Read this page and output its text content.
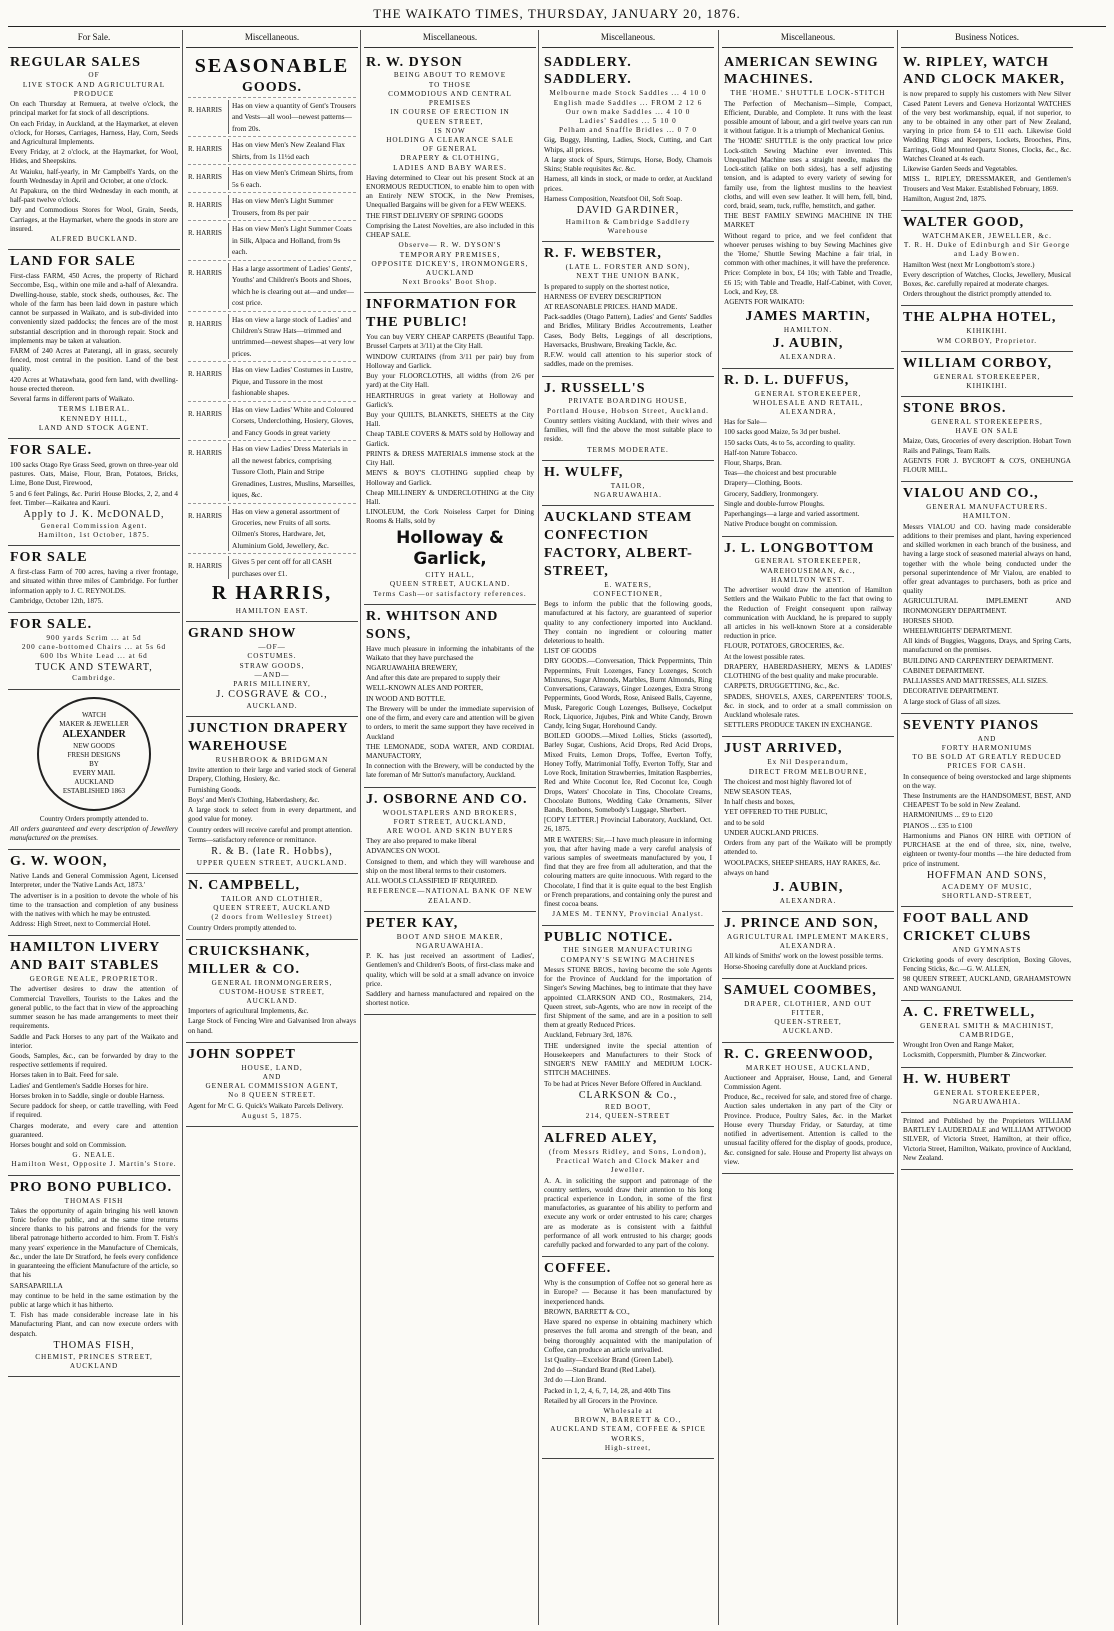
THE WAIKATO TIMES, THURSDAY, JANUARY 20, 1876.
For Sale.
REGULAR SALES
OF
LIVE STOCK AND AGRICULTURAL PRODUCE

On each Thursday at Remuera, at twelve o'clock, the principal market for fat stock of all descriptions.

On each Friday, in Auckland, at the Haymarket, at eleven o'clock, for Horses, Carriages, Harness, Hay, Corn, Seeds and Agricultural Implements.

Every Friday, at 2 o'clock, at the Haymarket, for Wool, Hides, and Sheepskins.

At Waiuku, half-yearly, in Mr Campbell's Yards, on the fourth Wednesday in April and October, at one o'clock.

At Papakura, on the third Wednesday in each month, at half-past twelve o'clock.

Dry and Commodious Stores for Wool, Grain, Seeds, Carriages, at the Haymarket, where the goods in store are insured.

ALFRED BUCKLAND.
LAND FOR SALE

First-class FARM, 450 Acres, the property of Richard Seccombe, Esq., within one mile and a-half of Alexandra. Dwelling-house, stable, stock sheds, outhouses, &c. The whole of the farm has been laid down in pasture which cannot be surpassed in Waikato, and is sub-divided into conveniently sized paddocks; the fences are of the most substantial description and in thorough repair. Stock and implements may be taken at valuation.

FARM of 240 Acres at Paterangi, all in grass, securely fenced, most central in the position. Land of the best quality.

420 Acres at Whatawhata, good fern land, with dwelling-house erected thereon.

Several farms in different parts of Waikato.

TERMS LIBERAL.
KENNEDY HILL,
LAND AND STOCK AGENT.
FOR SALE.

100 sacks Otago Rye Grass Seed, grown on three-year old pastures. Oats, Maise, Flour, Bran, Potatoes, Bricks, Lime, Bone Dust, Firewood,

5 and 6 feet Palings, &c. Puriri House Blocks, 2, 2, and 4 feet. Timber—Kaikatea and Kauri.

Apply to J. K. McDONALD,
General Commission Agent.
Hamilton, 1st October, 1875.
FOR SALE

A first-class Farm of 700 acres, having a river frontage, and situated within three miles of Cambridge. For further information apply to J. C. REYNOLDS.

Cambridge, October 12th, 1875.

FOR SALE.
900 yards Scrim ... at 5d
200 cane-bottomed Chairs ... at 5s 6d
600 lbs White Lead ... at 6d
TUCK AND STEWART,
Cambridge.
WATCH
MAKER & JEWELLER
ALEXANDER
NEW GOODS
FRESH DESIGNS
BY
EVERY MAIL
AUCKLAND
ESTABLISHED 1863
Country Orders promptly attended to.

All orders guaranteed and every description of Jewellery manufactured on the premises.

G. W. WOON,

Native Lands and General Commission Agent, Licensed Interpreter, under the 'Native Lands Act, 1873.'

The advertiser is in a position to devote the whole of his time to the transaction and completion of any business with the natives with which he may be entrusted.

Address: High Street, next to Commercial Hotel.

HAMILTON LIVERY AND BAIT STABLES
GEORGE NEALE, PROPRIETOR.

The advertiser desires to draw the attention of Commercial Travellers, Tourists to the Lakes and the general public, to the fact that in view of the approaching summer season he has made arrangements to meet their requirements.

Saddle and Pack Horses to any part of the Waikato and interior.

Goods, Samples, &c., can be forwarded by dray to the respective settlements if required.

Horses taken in to Bait. Feed for sale.

Ladies' and Gentlemen's Saddle Horses for hire.

Horses broken in to Saddle, single or double Harness.

Secure paddock for sheep, or cattle travelling, with Feed if required.

Charges moderate, and every care and attention guaranteed.

Horses bought and sold on Commission.

G. NEALE.
Hamilton West, Opposite J. Martin's Store.
PRO BONO PUBLICO.
THOMAS FISH

Takes the opportunity of again bringing his well known Tonic before the public, and at the same time returns sincere thanks to his patrons and friends for the very liberal patronage hitherto accorded to him. From T. Fish's many years' experience in the Manufacture of Chemicals, &c., under the late Dr Stratford, he feels every confidence in guaranteeing the efficient Manufacture of the article, so that his

SARSAPARILLA

may continue to be held in the same estimation by the public at large which it has hitherto.

T. Fish has made considerable increase late in his Manufacturing Plant, and can now execute orders with despatch.

THOMAS FISH,
CHEMIST, PRINCES STREET, AUCKLAND
Miscellaneous.
SEASONABLE
GOODS.
R. HARRIS	Has on view a quantity of Gent's Trousers and Vests—all wool—newest patterns—from 20s.
R. HARRIS	Has on view Men's New Zealand Flax Shirts, from 1s 11½d each
R. HARRIS	Has on view Men's Crimean Shirts, from 5s 6 each.
R. HARRIS	Has on view Men's Light Summer Trousers, from 8s per pair
R. HARRIS	Has on view Men's Light Summer Coats in Silk, Alpaca and Holland, from 9s each.
R. HARRIS	Has a large assortment of Ladies' Gents', Youths' and Children's Boots and Shoes, which he is clearing out at—and under—cost price.
R. HARRIS	Has on view a large stock of Ladies' and Children's Straw Hats—trimmed and untrimmed—newest shapes—at very low prices.
R. HARRIS	Has on view Ladies' Costumes in Lustre, Pique, and Tussore in the most fashionable shapes.
R. HARRIS	Has on view Ladies' White and Coloured Corsets, Underclothing, Hosiery, Gloves, and Fancy Goods in great variety
R. HARRIS	Has on view Ladies' Dress Materials in all the newest fabrics, comprising Tussore Cloth, Plain and Stripe Grenadines, Lustres, Muslins, Marseilles, iques, &c.
R. HARRIS	Has on view a general assortment of Groceries, new Fruits of all sorts. Oilmen's Stores, Hardware, Jet, Aluminium Gold, Jewellery, &c.
R. HARRIS	Gives 5 per cent off for all CASH purchases over £1.
R HARRIS,
HAMILTON EAST.
GRAND SHOW
—OF—
COSTUMES.
STRAW GOODS,
—AND—
PARIS MILLINERY,
J. COSGRAVE & CO.,
AUCKLAND.
JUNCTION DRAPERY WAREHOUSE
RUSHBROOK & BRIDGMAN

Invite attention to their large and varied stock of General Drapery, Clothing, Hosiery, &c.

Furnishing Goods.

Boys' and Men's Clothing, Haberdashery, &c.

A large stock to select from in every department, and good value for money.

Country orders will receive careful and prompt attention.

Terms—satisfactory reference or remittance.

R. & B. (late R. Hobbs),
UPPER QUEEN STREET, AUCKLAND.
N. CAMPBELL,
TAILOR AND CLOTHIER,
QUEEN STREET, AUCKLAND
(2 doors from Wellesley Street)

Country Orders promptly attended to.

CRUICKSHANK, MILLER & CO.
GENERAL IRONMONGERERS,
CUSTOM-HOUSE STREET,
AUCKLAND.

Importers of agricultural Implements, &c.

Large Stock of Fencing Wire and Galvanised Iron always on hand.

JOHN SOPPET
HOUSE, LAND,
AND
GENERAL COMMISSION AGENT,
No 8 QUEEN STREET.

Agent for Mr C. G. Quick's Waikato Parcels Delivery.

August 5, 1875.
Miscellaneous.
R. W. DYSON
BEING ABOUT TO REMOVE
TO THOSE
COMMODIOUS AND CENTRAL
PREMISES
IN COURSE OF ERECTION IN
QUEEN STREET,
IS NOW
HOLDING A CLEARANCE SALE
OF GENERAL
DRAPERY & CLOTHING,
LADIES AND BABY WARES.

Having determined to Clear out his present Stock at an ENORMOUS REDUCTION, to enable him to open with an Entirely NEW STOCK, in the New Premises, Unequalled Bargains will be given for a FEW WEEKS.

THE FIRST DELIVERY OF SPRING GOODS

Comprising the Latest Novelties, are also included in this CHEAP SALE.

Observe— R. W. DYSON'S
TEMPORARY PREMISES,
OPPOSITE DICKEY'S, IRONMONGERS,
AUCKLAND
Next Brooks' Boot Shop.
INFORMATION FOR THE PUBLIC!

You can buy VERY CHEAP CARPETS (Beautiful Tapp. Brussel Carpets at 3/11) at the City Hall.

WINDOW CURTAINS (from 3/11 per pair) buy from Holloway and Garlick.

Buy your FLOORCLOTHS, all widths (from 2/6 per yard) at the City Hall.

HEARTHRUGS in great variety at Holloway and Garlick's.

Buy your QUILTS, BLANKETS, SHEETS at the City Hall.

Cheap TABLE COVERS & MATS sold by Holloway and Garlick.

PRINTS & DRESS MATERIALS immense stock at the City Hall.

MEN'S & BOY'S CLOTHING supplied cheap by Holloway and Garlick.

Cheap MILLINERY & UNDERCLOTHING at the City Hall.

LINOLEUM, the Cork Noiseless Carpet for Dining Rooms & Halls, sold by

Holloway & Garlick,
CITY HALL,
QUEEN STREET, AUCKLAND.
Terms Cash—or satisfactory references.
R. WHITSON AND SONS,

Have much pleasure in informing the inhabitants of the Waikato that they have purchased the

NGARUAWAHIA BREWERY,

And after this date are prepared to supply their

WELL-KNOWN ALES AND PORTER,

IN WOOD AND BOTTLE.

The Brewery will be under the immediate supervision of one of the firm, and every care and attention will be given to orders, to merit the same support they have received in Auckland

THE LEMONADE, SODA WATER, AND CORDIAL MANUFACTORY,

In connection with the Brewery, will be conducted by the late foreman of Mr Sutton's manufactory, Auckland.

J. OSBORNE AND CO.
WOOLSTAPLERS AND BROKERS,
FORT STREET, AUCKLAND,
ARE WOOL AND SKIN BUYERS

They are also prepared to make liberal

ADVANCES ON WOOL

Consigned to them, and which they will warehouse and ship on the most liberal terms to their customers.

ALL WOOLS CLASSIFIED IF REQUIRED.

REFERENCE—NATIONAL BANK OF NEW ZEALAND.
PETER KAY,
BOOT AND SHOE MAKER,
NGARUAWAHIA.

P. K. has just received an assortment of Ladies', Gentlemen's and Children's Boots, of first-class make and quality, which will be sold at a small advance on invoice price.

Saddlery and harness manufactured and repaired on the shortest notice.

Miscellaneous.
SADDLERY. SADDLERY.
Melbourne made Stock Saddles ... 4 10 0
English made Saddles ... FROM 2 12 6
Our own make Saddles ... 4 10 0
Ladies' Saddles ... 5 10 0
Pelham and Snaffle Bridles ... 0 7 0

Gig, Buggy, Hunting, Ladies, Stock, Cutting, and Cart Whips, all prices.

A large stock of Spurs, Stirrups, Horse, Body, Chamois Skins; Stable requisites &c. &c.

Harness, all kinds in stock, or made to order, at Auckland prices.

Harness Composition, Neatsfoot Oil, Soft Soap.

DAVID GARDINER,
Hamilton & Cambridge Saddlery Warehouse
R. F. WEBSTER,
(LATE L. FORSTER AND SON),
NEXT THE UNION BANK,

Is prepared to supply on the shortest notice,

HARNESS OF EVERY DESCRIPTION

AT REASONABLE PRICES. HAND MADE.

Pack-saddles (Otago Pattern), Ladies' and Gents' Saddles and Bridles, Military Bridles Accoutrements, Leather Cases, Body Belts, Leggings of all descriptions, Haversacks, Brushware, Breaking Tackle, &c.

R.F.W. would call attention to his superior stock of saddles, made on the premises.

J. RUSSELL'S
PRIVATE BOARDING HOUSE,
Portland House, Hobson Street, Auckland.

Country settlers visiting Auckland, with their wives and families, will find the above the most suitable place to reside.

TERMS MODERATE.
H. WULFF,
TAILOR,
NGARUAWAHIA.
AUCKLAND STEAM CONFECTION FACTORY, ALBERT-STREET,
E. WATERS,
CONFECTIONER,

Begs to inform the public that the following goods, manufactured at his factory, are guaranteed of superior quality to any confectionery imported into Auckland. They contain no ingredient or colouring matter deleterious to health.

LIST OF GOODS

DRY GOODS.—Conversation, Thick Peppermints, Thin Peppermints, Fruit Lozenges, Fancy Lozenges, Scotch Mixtures, Sugar Almonds, Marbles, Burnt Almonds, Ring Conversations, Caraways, Ginger Lozenges, Extra Strong Peppermints, Good Words, Rose, Aniseed Balls, Cayenne, Musk, Paregoric Cough Lozenges, Bullseye, Cockelput Rock, Liquorice, Jujubes, Pink and White Candy, Brown Candy, Icing Sugar, Horehound Candy.

BOILED GOODS.—Mixed Lollies, Sticks (assorted), Barley Sugar, Cushions, Acid Drops, Red Acid Drops, Mixed Fruits, Lemon Drops, Toffee, Everton Toffy, Honey Toffy, Matrimonial Toffy, Everton Toffy, Star and Love Rock, Imitation Strawberries, Imitation Raspberries, Red and White Coconut Ice, Red Coconut Ice, Cough Drops, Waters' Chocolate in Tins, Chocolate Creams, Chocolate Buttons, Wedding Cake Ornaments, Silver Bands, Bonbons, Somebody's Luggage, Sherbert.

[COPY LETTER.] Provincial Laboratory, Auckland, Oct. 26, 1875.

MR E WATERS: Sir,—I have much pleasure in informing you, that after having made a very careful analysis of various samples of sweetmeats manufactured by you, I find that they are free from all adulteration, and that the colouring matters are quite innocuous. With regard to the Chocolate, I find that it is quite equal to the best English or French preparations, and containing only the purest and finest cocoa beans.

JAMES M. TENNY, Provincial Analyst.
PUBLIC NOTICE.
THE SINGER MANUFACTURING COMPANY'S SEWING MACHINES

Messrs STONE BROS., having become the sole Agents for the Province of Auckland for the importation of Singer's Sewing Machines, beg to intimate that they have appointed CLARKSON AND CO., Rostmakers, 214, Queen street, sub-Agents, who are now in receipt of the first Shipment of the same, and are in a position to sell them at greatly Reduced Prices.

Auckland, February 3rd, 1876.

THE undersigned invite the special attention of Housekeepers and Manufacturers to their Stock of SINGER'S NEW FAMILY and MEDIUM LOCK-STITCH MACHINES.

To be had at Prices Never Before Offered in Auckland.

CLARKSON & Co.,
RED BOOT,
214, QUEEN-STREET
ALFRED ALEY,
(from Messrs Ridley, and Sons, London),
Practical Watch and Clock Maker and Jeweller.

A. A. in soliciting the support and patronage of the country settlers, would draw their attention to his long practical experience in London, in some of the first manufactories, as guarantee of his ability to perform and execute any work or order entrusted to his care; charges are as moderate as is consistent with a faithful performance of all work entrusted to his charge; goods carefully packed and forwarded to any part of the colony.

COFFEE.

Why is the consumption of Coffee not so general here as in Europe? — Because it has been manufactured by inexperienced hands.

BROWN, BARRETT & CO.,

Have spared no expense in obtaining machinery which preserves the full aroma and strength of the bean, and being thoroughly acquainted with the manipulation of Coffee, can produce an article unrivalled.

1st Quality—Excelsior Brand (Green Label).

2nd do —Standard Brand (Red Label).

3rd do —Lion Brand.

Packed in 1, 2, 4, 6, 7, 14, 28, and 40lb Tins

Retailed by all Grocers in the Province.

Wholesale at
BROWN, BARRETT & CO.,
AUCKLAND STEAM, COFFEE & SPICE WORKS,
High-street,
Miscellaneous.
AMERICAN SEWING MACHINES.
THE 'HOME.' SHUTTLE LOCK-STITCH

The Perfection of Mechanism—Simple, Compact, Efficient, Durable, and Complete. It runs with the least possible amount of labour, and a girl twelve years can run it without fatigue. It is a triumph of Mechanical Genius.

The 'HOME' SHUTTLE is the only practical low price Lock-stitch Sewing Machine ever invented. This Unequalled Machine uses a straight needle, makes the Lock-stitch (alike on both sides), has a self adjusting tension, and is adapted to every variety of sewing for family use, from the lightest muslins to the heaviest cloths, and will even sew leather. It will hem, fell, bind, cord, braid, seam, tuck, ruffle, hemstitch, and gather.

THE BEST FAMILY SEWING MACHINE IN THE MARKET

Without regard to price, and we feel confident that whoever peruses wishing to buy Sewing Machines give the 'Home,' Shuttle Sewing Machine a fair trial, in common with other machines, it will have the preference.

Price: Complete in box, £4 10s; with Table and Treadle, £6 15; with Table and Treadle, Half-Cabinet, with Cover, Lock, and Key, £8.

AGENTS FOR WAIKATO:

JAMES MARTIN,
HAMILTON.
J. AUBIN,
ALEXANDRA.
R. D. L. DUFFUS,
GENERAL STOREKEEPER,
WHOLESALE AND RETAIL,
ALEXANDRA,

Has for Sale—

100 sacks good Maize, 5s 3d per bushel.

150 sacks Oats, 4s to 5s, according to quality.

Half-ton Nature Tobacco.

Flour, Sharps, Bran.

Teas—the choicest and best procurable

Drapery—Clothing, Boots.

Grocery, Saddlery, Ironmongery.

Single and double-furrow Ploughs.

Paperhangings—a large and varied assortment.

Native Produce bought on commission.

J. L. LONGBOTTOM
GENERAL STOREKEEPER,
WAREHOUSEMAN, &c.,
HAMILTON WEST.

The advertiser would draw the attention of Hamilton Settlers and the Waikato Public to the fact that owing to the Reduction of Freight consequent upon railway communication with Auckland, he is prepared to supply all articles in his well-known Store at a considerable reduction in price.

FLOUR, POTATOES, GROCERIES, &c.

At the lowest possible rates.

DRAPERY, HABERDASHERY, MEN'S & LADIES' CLOTHING of the best quality and make procurable.

CARPETS, DRUGGETTING, &c., &c.

SPADES, SHOVELS, AXES, CARPENTERS' TOOLS, &c. in stock, and to order at a small commission on Auckland wholesale rates.

SETTLERS PRODUCE TAKEN IN EXCHANGE.

JUST ARRIVED,
Ex Nil Desperandum,
DIRECT FROM MELBOURNE,

The choicest and most highly flavored lot of

NEW SEASON TEAS,

In half chests and boxes,

YET OFFERED TO THE PUBLIC,

and to be sold

UNDER AUCKLAND PRICES.

Orders from any part of the Waikato will be promptly attended to.

WOOLPACKS, SHEEP SHEARS, HAY RAKES, &c.

always on hand

J. AUBIN,
ALEXANDRA.
J. PRINCE AND SON,
AGRICULTURAL IMPLEMENT MAKERS,
ALEXANDRA.

All kinds of Smiths' work on the lowest possible terms.

Horse-Shoeing carefully done at Auckland prices.

SAMUEL COOMBES,
DRAPER, CLOTHIER, AND OUT
FITTER,
QUEEN-STREET,
AUCKLAND.
R. C. GREENWOOD,
MARKET HOUSE, AUCKLAND,

Auctioneer and Appraiser, House, Land, and General Commission Agent.

Produce, &c., received for sale, and stored free of charge. Auction sales undertaken in any part of the City or Province. Produce, Poultry Sales, &c. in the Market House every Thursday Friday, or Saturday, at time notified in advertisement. Attention is called to the unusual facility offered for the display of goods, produce, &c. consigned for sale. House and Property list always on view.

Business Notices.
W. RIPLEY, WATCH AND CLOCK MAKER,

is now prepared to supply his customers with New Silver Cased Patent Levers and Geneva Horizontal WATCHES of the very best workmanship, equal, if not superior, to any to be obtained in any other part of New Zealand, varying in price from £4 to £11 each. Likewise Gold Wedding Rings and Keepers, Lockets, Brooches, Pins, Earrings, Gold Mounted Quartz Stones, Clocks, &c., &c. Watches Cleaned at 4s each.

Likewise Garden Seeds and Vegetables.

MISS L. RIPLEY, DRESSMAKER, and Gentlemen's Trousers and Vest Maker. Established February, 1869.

Hamilton, August 2nd, 1875.

WALTER GOOD,
WATCHMAKER, JEWELLER, &c.
T. R. H. Duke of Edinburgh and Sir George and Lady Bowen.

Hamilton West (next Mr Longbottom's store.)

Every description of Watches, Clocks, Jewellery, Musical Boxes, &c. carefully repaired at moderate charges.

Orders throughout the district promptly attended to.

THE ALPHA HOTEL,
KIHIKIHI.
WM CORBOY, Proprietor.
WILLIAM CORBOY,
GENERAL STOREKEEPER,
KIHIKIHI.
STONE BROS.
GENERAL STOREKEEPERS,
HAVE ON SALE

Maize, Oats, Groceries of every description. Hobart Town Rails and Palings, Team Rails.

AGENTS FOR J. BYCROFT & CO'S, ONEHUNGA FLOUR MILL.

VIALOU AND CO.,
GENERAL MANUFACTURERS.
HAMILTON.

Messrs VIALOU and CO. having made considerable additions to their premises and plant, having experienced and skilled workmen in each branch of the business, and having a large stock of seasoned material always on hand, together with the whole being conducted under the personal superintendence of Mr Vialou, are enabled to offer great advantages to purchasers, both as price and quality

AGRICULTURAL IMPLEMENT AND IRONMONGERY DEPARTMENT.

HORSES SHOD.

WHEELWRIGHTS' DEPARTMENT.

All kinds of Buggies, Waggons, Drays, and Spring Carts, manufactured on the premises.

BUILDING AND CARPENTERY DEPARTMENT.

CABINET DEPARTMENT.

PALLIASSES AND MATTRESSES, ALL SIZES.

DECORATIVE DEPARTMENT.

A large stock of Glass of all sizes.

SEVENTY PIANOS
AND
FORTY HARMONIUMS
TO BE SOLD AT GREATLY REDUCED PRICES FOR CASH.

In consequence of being overstocked and large shipments on the way.

These Instruments are the HANDSOMEST, BEST, AND CHEAPEST To be sold in New Zealand.

HARMONIUMS ... £9 to £120

PIANOS ... £35 to £100

Harmoniums and Pianos ON HIRE with OPTION of PURCHASE at the end of three, six, nine, twelve, eighteen or twenty-four months —the hire deducted from price of instrument.

HOFFMAN AND SONS,
ACADEMY OF MUSIC,
SHORTLAND-STREET,
FOOT BALL AND CRICKET CLUBS
AND GYMNASTS

Cricketing goods of every description, Boxing Gloves, Fencing Sticks, &c.—G. W. ALLEN,

98 QUEEN STREET, AUCKLAND, GRAHAMSTOWN AND WANGANUI.

A. C. FRETWELL,
GENERAL SMITH & MACHINIST,
CAMBRIDGE,

Wrought Iron Oven and Range Maker,

Locksmith, Coppersmith, Plumber & Zincworker.

H. W. HUBERT
GENERAL STOREKEEPER,
NGARUAWAHIA.

Printed and Published by the Proprietors WILLIAM BARTLEY LAUDERDALE and WILLIAM ATTWOOD SILVER, of Victoria Street, Hamilton, at their office, Victoria Street, Hamilton, Waikato, province of Auckland, New Zealand.
